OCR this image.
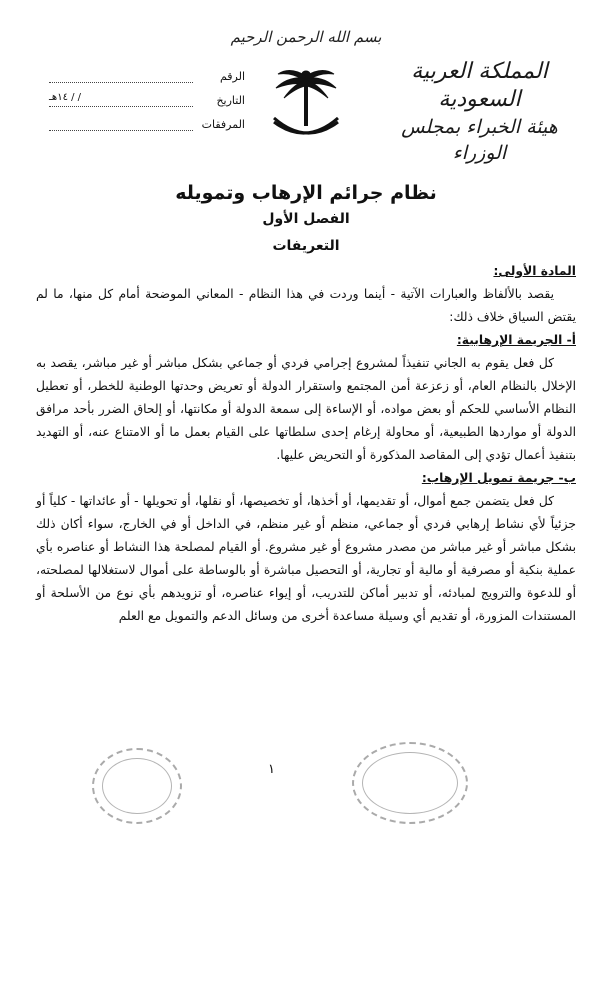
بسم الله الرحمن الرحيم
المملكة العربية السعودية
هيئة الخبراء بمجلس الوزراء
الرقم
التاريخ
/ / ١٤هـ
المرفقات
نظام جرائم الإرهاب وتمويله
الفصل الأول
التعريفات

المادة الأولى:

يقصد بالألفاظ والعبارات الآتية - أينما وردت في هذا النظام - المعاني الموضحة أمام كل منها، ما لم يقتض السياق خلاف ذلك:

أ- الجريمة الإرهابية:

كل فعل يقوم به الجاني تنفيذاً لمشروع إجرامي فردي أو جماعي بشكل مباشر أو غير مباشر، يقصد به الإخلال بالنظام العام، أو زعزعة أمن المجتمع واستقرار الدولة أو تعريض وحدتها الوطنية للخطر، أو تعطيل النظام الأساسي للحكم أو بعض مواده، أو الإساءة إلى سمعة الدولة أو مكانتها، أو إلحاق الضرر بأحد مرافق الدولة أو مواردها الطبيعية، أو محاولة إرغام إحدى سلطاتها على القيام بعمل ما أو الامتناع عنه، أو التهديد بتنفيذ أعمال تؤدي إلى المقاصد المذكورة أو التحريض عليها.

ب- جريمة تمويل الإرهاب:

كل فعل يتضمن جمع أموال، أو تقديمها، أو أخذها، أو تخصيصها، أو نقلها، أو تحويلها - أو عائداتها - كلياً أو جزئياً لأي نشاط إرهابي فردي أو جماعي، منظم أو غير منظم، في الداخل أو في الخارج، سواء أكان ذلك بشكل مباشر أو غير مباشر من مصدر مشروع أو غير مشروع. أو القيام لمصلحة هذا النشاط أو عناصره بأي عملية بنكية أو مصرفية أو مالية أو تجارية، أو التحصيل مباشرة أو بالوساطة على أموال لاستغلالها لمصلحته، أو للدعوة والترويج لمبادئه، أو تدبير أماكن للتدريب، أو إيواء عناصره، أو تزويدهم بأي نوع من الأسلحة أو المستندات المزورة، أو تقديم أي وسيلة مساعدة أخرى من وسائل الدعم والتمويل مع العلم

١
